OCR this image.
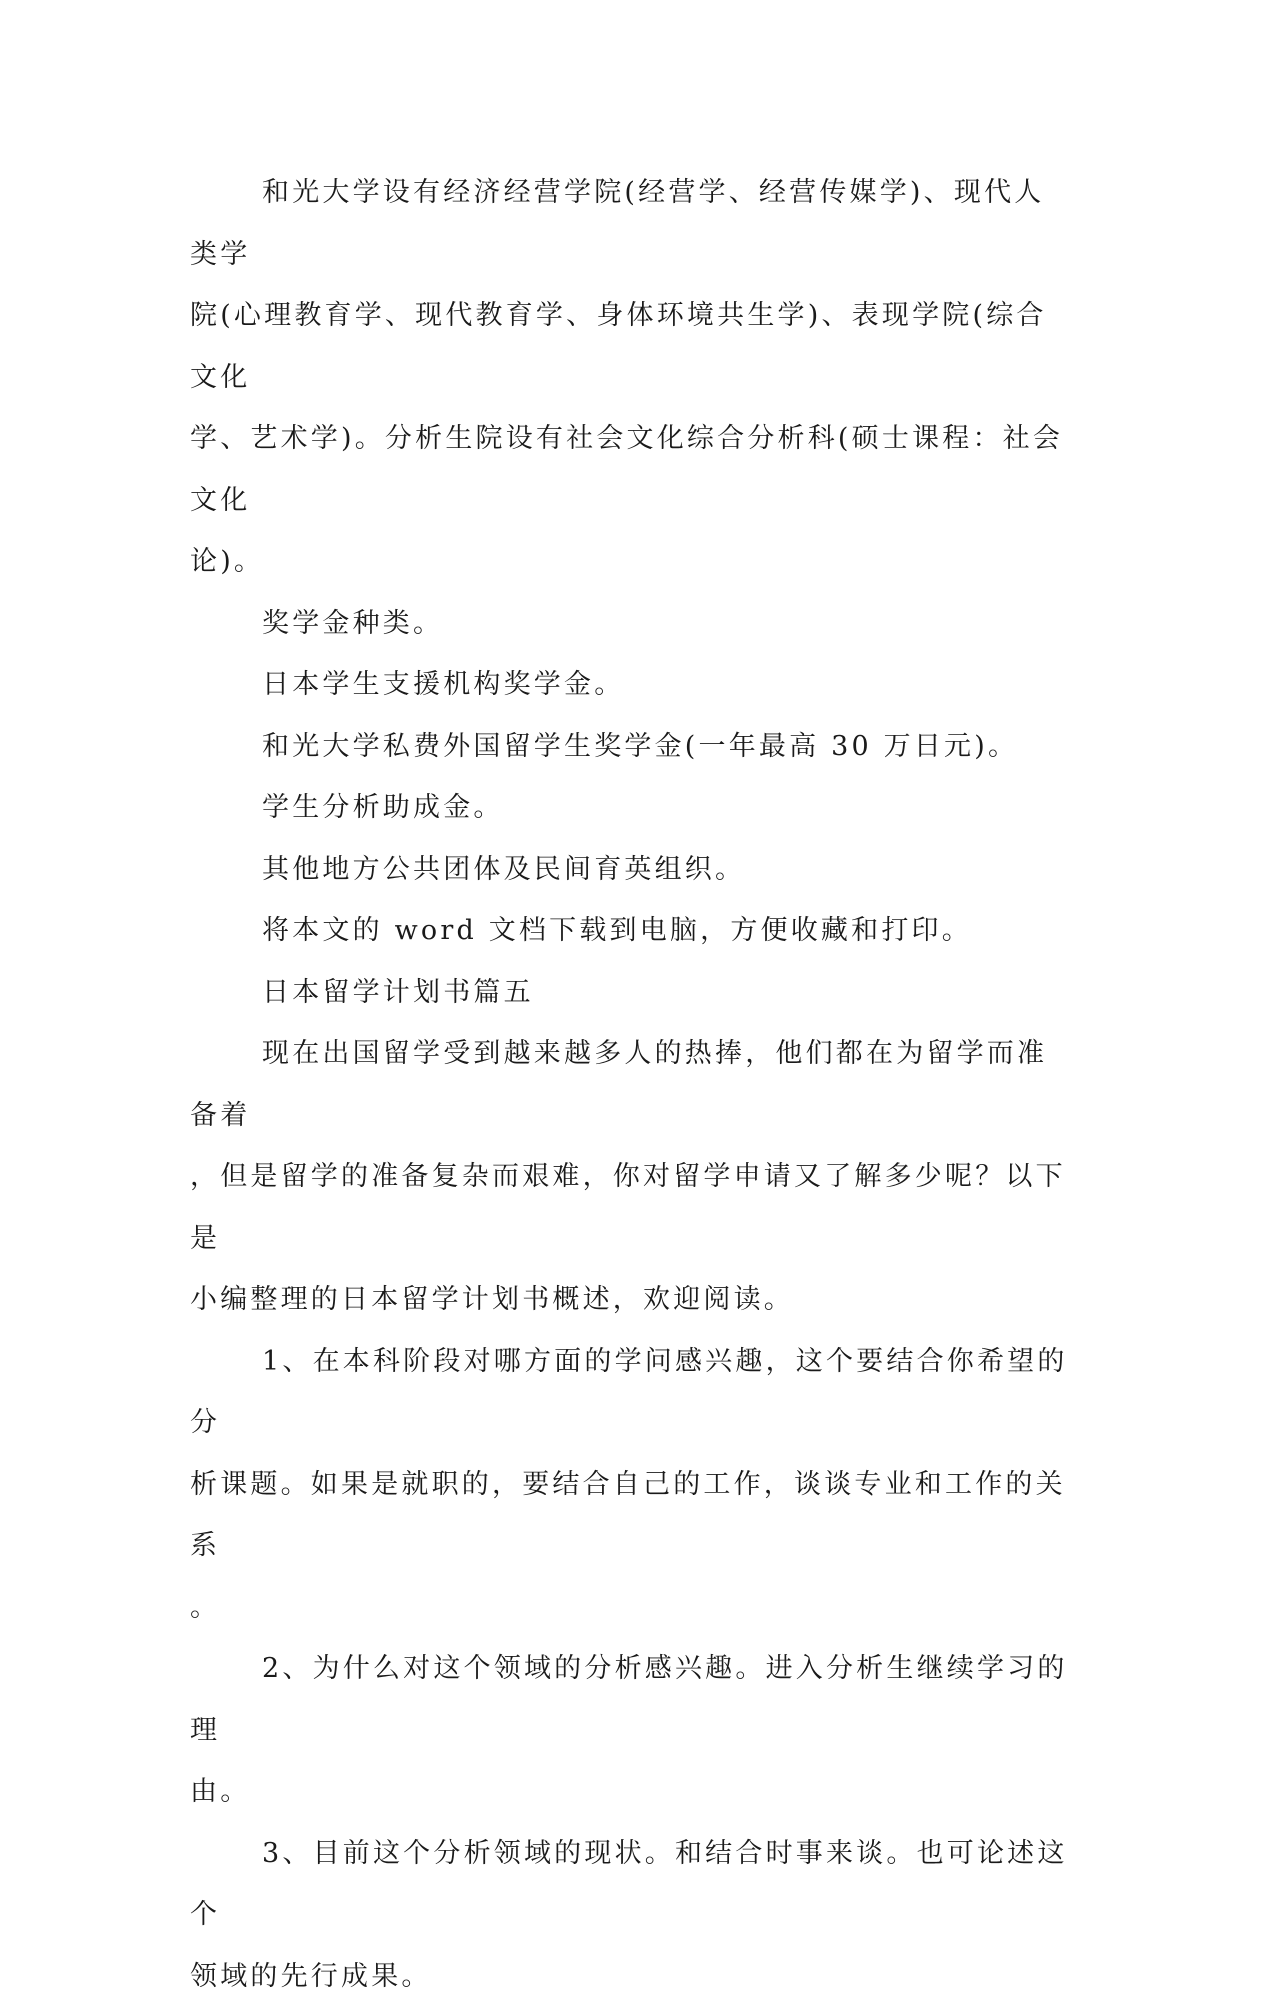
和光大学设有经济经营学院(经营学、经营传媒学)、现代人类学

院(心理教育学、现代教育学、身体环境共生学)、表现学院(综合文化

学、艺术学)。分析生院设有社会文化综合分析科(硕士课程：社会文化

论)。

奖学金种类。

日本学生支援机构奖学金。

和光大学私费外国留学生奖学金(一年最高 30 万日元)。

学生分析助成金。

其他地方公共团体及民间育英组织。

将本文的 word 文档下载到电脑，方便收藏和打印。

日本留学计划书篇五

现在出国留学受到越来越多人的热捧，他们都在为留学而准备着

，但是留学的准备复杂而艰难，你对留学申请又了解多少呢？以下是

小编整理的日本留学计划书概述，欢迎阅读。

1、在本科阶段对哪方面的学问感兴趣，这个要结合你希望的分

析课题。如果是就职的，要结合自己的工作，谈谈专业和工作的关系

。

2、为什么对这个领域的分析感兴趣。进入分析生继续学习的理

由。

3、目前这个分析领域的现状。和结合时事来谈。也可论述这个

领域的先行成果。
